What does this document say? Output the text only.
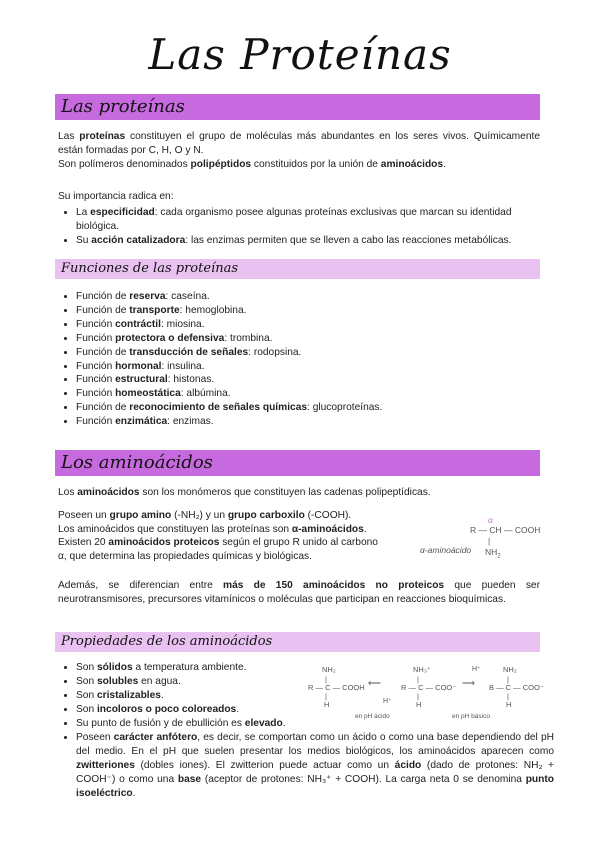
Las Proteínas
Las proteínas
Las proteínas constituyen el grupo de moléculas más abundantes en los seres vivos. Químicamente están formadas por C, H, O y N.
Son polímeros denominados polipéptidos constituidos por la unión de aminoácidos.
Su importancia radica en:
• La especificidad: cada organismo posee algunas proteínas exclusivas que marcan su identidad biológica.
• Su acción catalizadora: las enzimas permiten que se lleven a cabo las reacciones metabólicas.
Funciones de las proteínas
• Función de reserva: caseína.
• Función de transporte: hemoglobina.
• Función contráctil: miosina.
• Función protectora o defensiva: trombina.
• Función de transducción de señales: rodopsina.
• Función hormonal: insulina.
• Función estructural: histonas.
• Función homeostática: albúmina.
• Función de reconocimiento de señales químicas: glucoproteínas.
• Función enzimática: enzimas.
Los aminoácidos
Los aminoácidos son los monómeros que constituyen las cadenas polipeptídicas.
Poseen un grupo amino (-NH₂) y un grupo carboxilo (-COOH).
Los aminoácidos que constituyen las proteínas son α-aminoácidos.
Existen 20 aminoácidos proteicos según el grupo R unido al carbono
α, que determina las propiedades químicas y biológicas.
α
R — CH — COOH
α-aminoácido
|
$NH_2$
Además, se diferencian entre más de 150 aminoácidos no proteicos que pueden ser neurotransmisores, precursores vitamínicos o moléculas que participan en reacciones bioquímicas.
Propiedades de los aminoácidos
• Son sólidos a temperatura ambiente.
• Son solubles en agua.
• Son cristalizables.
• Son incoloros o poco coloreados.
• Su punto de fusión y de ebullición es elevado.
• Poseen carácter anfótero, es decir, se comportan como un ácido o como una base dependiendo del pH del medio. En el pH que suelen presentar los medios biológicos, los aminoácidos aparecen como zwitteriones (dobles iones). El zwitterion puede actuar como un ácido (dado de protones: NH₂ + COOH⁻) o como una base (aceptor de protones: NH₃⁺ + COOH). La carga neta 0 se denomina punto isoeléctrico.
NH₂
|
R — C — COOH
|
H
⟵
H⁺
NH₃⁺
|
R — C — COO⁻
|
H
H⁺
⟶
NH₂
|
B — C — COO⁻
|
H
en pH ácido	en pH básico
